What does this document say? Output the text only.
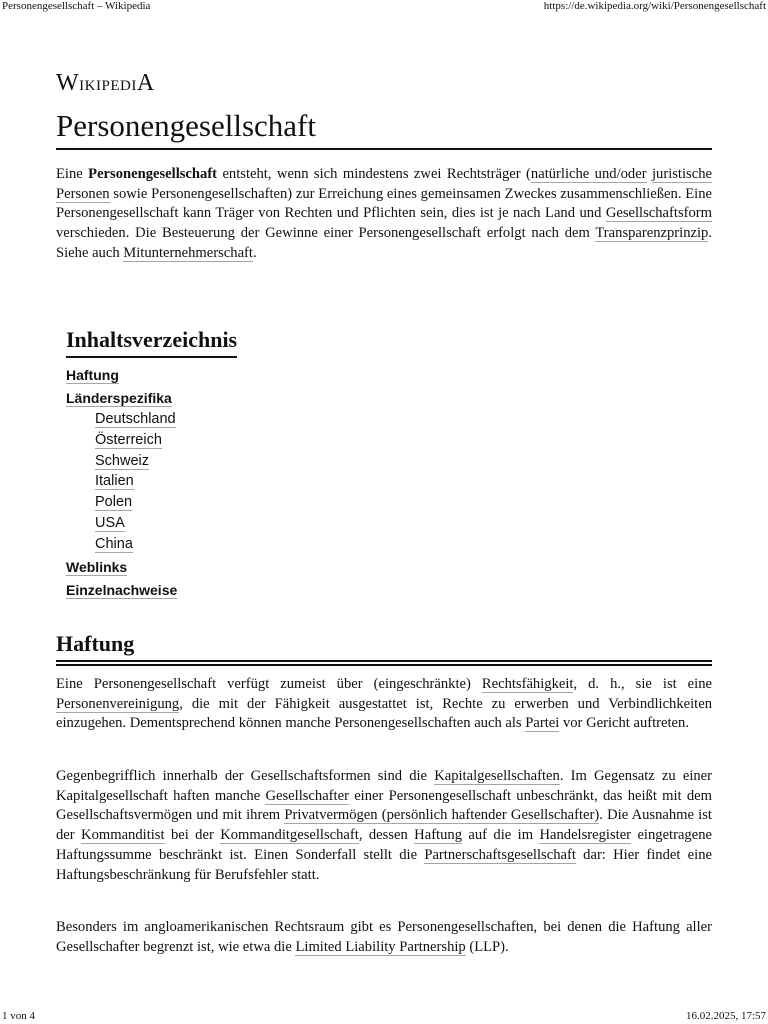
Personengesellschaft – Wikipedia	https://de.wikipedia.org/wiki/Personengesellschaft
WikipediA
Personengesellschaft

Eine Personengesellschaft entsteht, wenn sich mindestens zwei Rechtsträger (natürliche und/oder juristische Personen sowie Personengesellschaften) zur Erreichung eines gemeinsamen Zweckes zusammenschließen. Eine Personengesellschaft kann Träger von Rechten und Pflichten sein, dies ist je nach Land und Gesellschaftsform verschieden. Die Besteuerung der Gewinne einer Personengesellschaft erfolgt nach dem Transparenzprinzip. Siehe auch Mitunternehmerschaft.

Inhaltsverzeichnis
Haftung
Länderspezifika
Deutschland
Österreich
Schweiz
Italien
Polen
USA
China
Weblinks
Einzelnachweise
Haftung

Eine Personengesellschaft verfügt zumeist über (eingeschränkte) Rechtsfähigkeit, d. h., sie ist eine Personenvereinigung, die mit der Fähigkeit ausgestattet ist, Rechte zu erwerben und Verbindlichkeiten einzugehen. Dementsprechend können manche Personengesellschaften auch als Partei vor Gericht auftreten.

Gegenbegrifflich innerhalb der Gesellschaftsformen sind die Kapitalgesellschaften. Im Gegensatz zu einer Kapitalgesellschaft haften manche Gesellschafter einer Personengesellschaft unbeschränkt, das heißt mit dem Gesellschaftsvermögen und mit ihrem Privatvermögen (persönlich haftender Gesellschafter). Die Ausnahme ist der Kommanditist bei der Kommanditgesellschaft, dessen Haftung auf die im Handelsregister eingetragene Haftungssumme beschränkt ist. Einen Sonderfall stellt die Partnerschaftsgesellschaft dar: Hier findet eine Haftungsbeschränkung für Berufsfehler statt.

Besonders im angloamerikanischen Rechtsraum gibt es Personengesellschaften, bei denen die Haftung aller Gesellschafter begrenzt ist, wie etwa die Limited Liability Partnership (LLP).

1 von 4	16.02.2025, 17:57
